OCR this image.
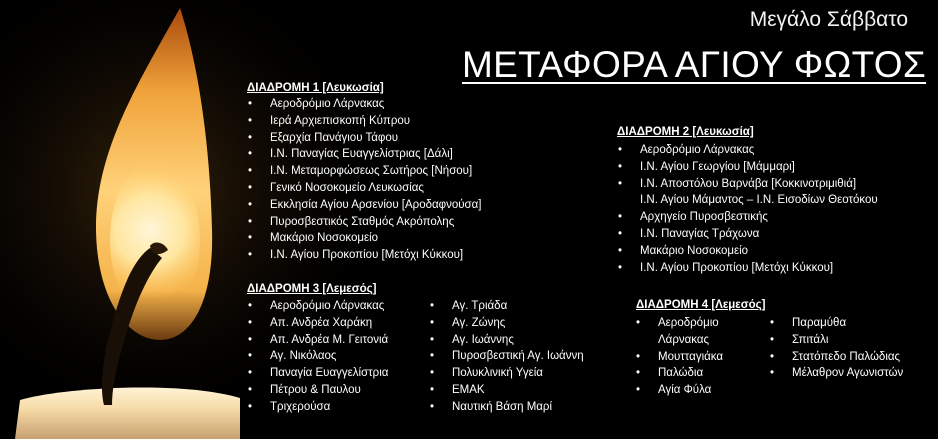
Μεγάλο Σάββατο
ΜΕΤΑΦΟΡΑ ΑΓΙΟΥ ΦΩΤΟΣ
ΔΙΑΔΡΟΜΗ 1 [Λευκωσία]
• Αεροδρόμιο Λάρνακας
• Ιερά Αρχιεπισκοπή Κύπρου
• Εξαρχία Πανάγιου Τάφου
• Ι.Ν. Παναγίας Ευαγγελίστριας [Δάλι]
• Ι.Ν. Μεταμορφώσεως Σωτήρος [Νήσου]
• Γενικό Νοσοκομείο Λευκωσίας
• Εκκλησία Αγίου Αρσενίου [Αροδαφνούσα]
• Πυροσβεστικός Σταθμός Ακρόπολης
• Μακάριο Νοσοκομείο
• Ι.Ν. Αγίου Προκοπίου [Μετόχι Κύκκου]
ΔΙΑΔΡΟΜΗ 2 [Λευκωσία]
• Αεροδρόμιο Λάρνακας
• Ι.Ν. Αγίου Γεωργίου [Μάμμαρι]
• Ι.Ν. Αποστόλου Βαρνάβα [Κοκκινοτριμιθιά]
Ι.Ν. Αγίου Μάμαντος – Ι.Ν. Εισοδίων Θεοτόκου
• Αρχηγείο Πυροσβεστικής
• Ι.Ν. Παναγίας Τράχωνα
• Μακάριο Νοσοκομείο
• Ι.Ν. Αγίου Προκοπίου [Μετόχι Κύκκου]
ΔΙΑΔΡΟΜΗ 3 [Λεμεσός]
• Αεροδρόμιο Λάρνακας
• Απ. Ανδρέα Χαράκη
• Απ. Ανδρέα Μ. Γειτονιά
• Αγ. Νικόλαος
• Παναγία Ευαγγελίστρια
• Πέτρου & Παυλου
• Τριχερούσα
• Αγ. Τριάδα
• Αγ. Ζώνης
• Αγ. Ιωάννης
• Πυροσβεστική Αγ. Ιωάννη
• Πολυκλινική Υγεία
• ΕΜΑΚ
• Ναυτική Βάση Μαρί
ΔΙΑΔΡΟΜΗ 4 [Λεμεσός]
• Αεροδρόμιο
Λάρνακας
• Μουτταγιάκα
• Παλώδια
• Αγία Φύλα
• Παραμύθα
• Σπιτάλι
• Στατόπεδο Παλώδιας
• Μέλαθρον Αγωνιστών
